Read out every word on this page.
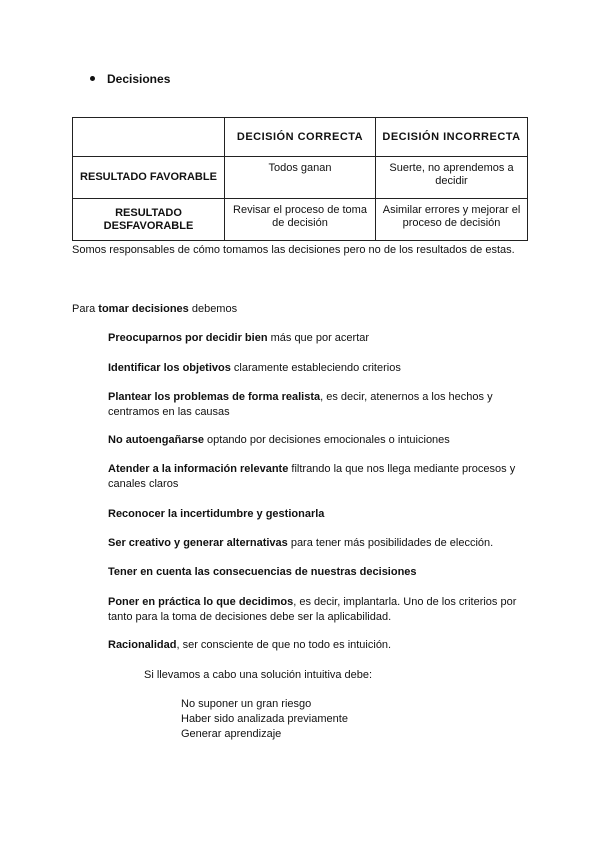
Decisiones
	DECISIÓN CORRECTA	DECISIÓN INCORRECTA
RESULTADO FAVORABLE	Todos ganan	Suerte, no aprendemos a decidir
RESULTADO DESFAVORABLE	Revisar el proceso de toma de decisión	Asimilar errores y mejorar el proceso de decisión
Somos responsables de cómo tomamos las decisiones pero no de los resultados de estas.
Para tomar decisiones debemos
Preocuparnos por decidir bien más que por acertar
Identificar los objetivos claramente estableciendo criterios
Plantear los problemas de forma realista, es decir, atenernos a los hechos y centramos en las causas
No autoengañarse optando por decisiones emocionales o intuiciones
Atender a la información relevante filtrando la que nos llega mediante procesos y canales claros
Reconocer la incertidumbre y gestionarla
Ser creativo y generar alternativas para tener más posibilidades de elección.
Tener en cuenta las consecuencias de nuestras decisiones
Poner en práctica lo que decidimos, es decir, implantarla. Uno de los criterios por tanto para la toma de decisiones debe ser la aplicabilidad.
Racionalidad, ser consciente de que no todo es intuición.
Si llevamos a cabo una solución intuitiva debe:
No suponer un gran riesgo
Haber sido analizada previamente
Generar aprendizaje
